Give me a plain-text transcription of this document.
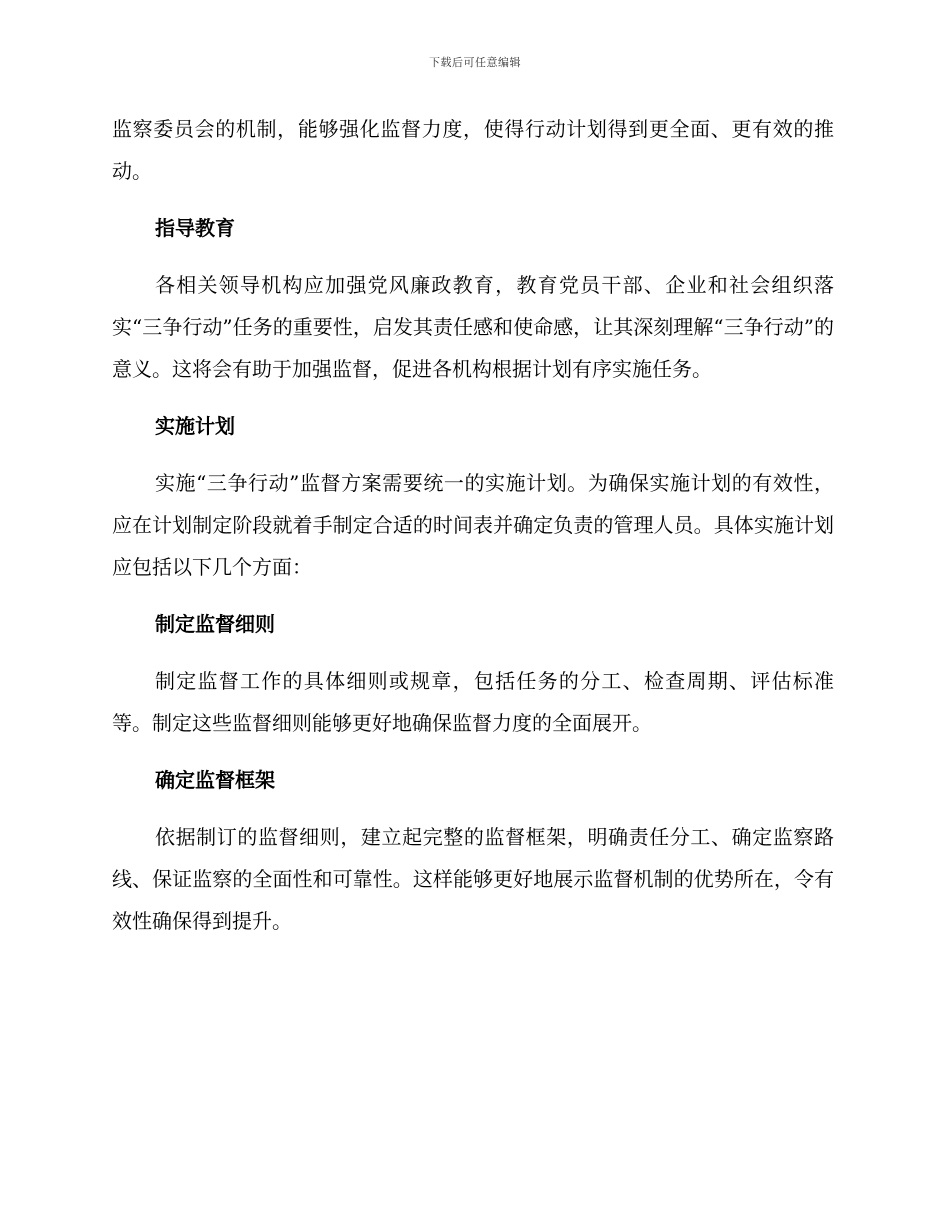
下载后可任意编辑

监察委员会的机制，能够强化监督力度，使得行动计划得到更全面、更有效的推动。

指导教育

各相关领导机构应加强党风廉政教育，教育党员干部、企业和社会组织落实“三争行动”任务的重要性，启发其责任感和使命感，让其深刻理解“三争行动”的意义。这将会有助于加强监督，促进各机构根据计划有序实施任务。

实施计划

实施“三争行动”监督方案需要统一的实施计划。为确保实施计划的有效性，应在计划制定阶段就着手制定合适的时间表并确定负责的管理人员。具体实施计划应包括以下几个方面：

制定监督细则

制定监督工作的具体细则或规章，包括任务的分工、检查周期、评估标准等。制定这些监督细则能够更好地确保监督力度的全面展开。

确定监督框架

依据制订的监督细则，建立起完整的监督框架，明确责任分工、确定监察路线、保证监察的全面性和可靠性。这样能够更好地展示监督机制的优势所在，令有效性确保得到提升。
